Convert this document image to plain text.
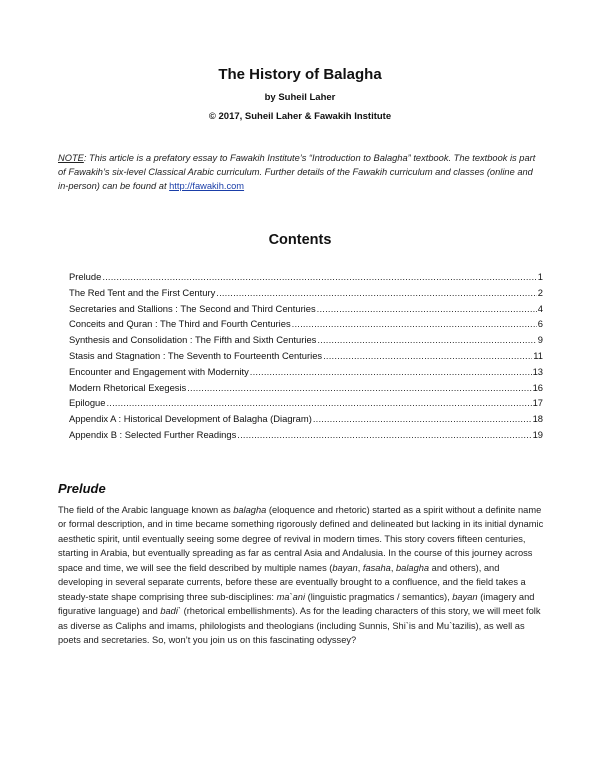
The History of Balagha
by Suheil Laher
© 2017, Suheil Laher & Fawakih Institute
NOTE: This article is a prefatory essay to Fawakih Institute’s “Introduction to Balagha” textbook. The textbook is part of Fawakih’s six-level Classical Arabic curriculum. Further details of the Fawakih curriculum and classes (online and in-person) can be found at http://fawakih.com
Contents
Prelude .....	1
The Red Tent and the First Century .....	2
Secretaries and Stallions : The Second and Third Centuries .....	4
Conceits and Quran : The Third and Fourth Centuries .....	6
Synthesis and Consolidation : The Fifth and Sixth Centuries .....	9
Stasis and Stagnation : The Seventh to Fourteenth Centuries .....	11
Encounter and Engagement with Modernity .....	13
Modern Rhetorical Exegesis .....	16
Epilogue .....	17
Appendix A : Historical Development of Balagha (Diagram) .....	18
Appendix B : Selected Further Readings .....	19
Prelude

The field of the Arabic language known as balagha (eloquence and rhetoric) started as a spirit without a definite name or formal description, and in time became something rigorously defined and delineated but lacking in its initial dynamic aesthetic spirit, until eventually seeing some degree of revival in modern times. This story covers fifteen centuries, starting in Arabia, but eventually spreading as far as central Asia and Andalusia. In the course of this journey across space and time, we will see the field described by multiple names (bayan, fasaha, balagha and others), and developing in several separate currents, before these are eventually brought to a confluence, and the field takes a steady-state shape comprising three sub-disciplines: ma`ani (linguistic pragmatics / semantics), bayan (imagery and figurative language) and badi` (rhetorical embellishments). As for the leading characters of this story, we will meet folk as diverse as Caliphs and imams, philologists and theologians (including Sunnis, Shi`is and Mu`tazilis), as well as poets and secretaries. So, won’t you join us on this fascinating odyssey?
